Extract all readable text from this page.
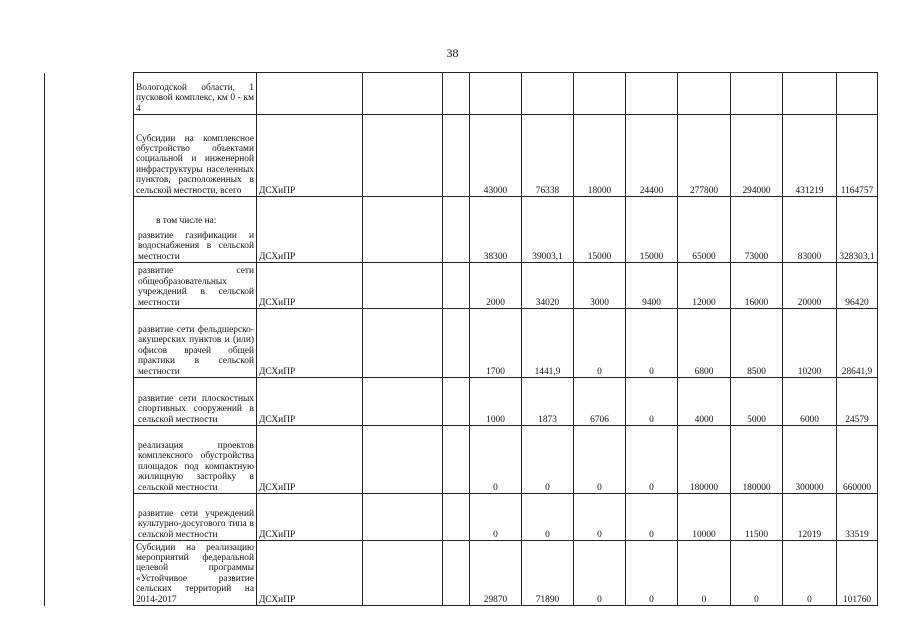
38
	Вологодской области, 1 пусковой комплекс, км 0 - км 4											
	Субсидии на комплексное обустройство объектами социальной и инженерной инфраструктуры населенных пунктов, расположенных в сельской местности, всего	ДСХиПР			43000	76338	18000	24400	277800	294000	431219	1164757

	в том числе на:
развитие газификации и водоснабжения в сельской местности	ДСХиПР			38300	39003,1	15000	15000	65000	73000	83000	328303,1
	развитие сети общеобразовательных учреждений в сельской местности	ДСХиПР			2000	34020	3000	9400	12000	16000	20000	96420
	развитие сети фельдшерско-акушерских пунктов и (или) офисов врачей общей практики в сельской местности	ДСХиПР			1700	1441,9	0	0	6800	8500	10200	28641,9
	развитие сети плоскостных спортивных сооружений в сельской местности	ДСХиПР			1000	1873	6706	0	4000	5000	6000	24579
	реализация проектов комплексного обустройства площадок под компактную жилищную застройку в сельской местности	ДСХиПР			0	0	0	0	180000	180000	300000	660000
	развитие сети учреждений культурно-досугового типа в сельской местности	ДСХиПР			0	0	0	0	10000	11500	12019	33519
	Субсидии на реализацию мероприятий федеральной целевой программы «Устойчивое развитие сельских территорий на 2014-2017	ДСХиПР			29870	71890	0	0	0	0	0	101760
